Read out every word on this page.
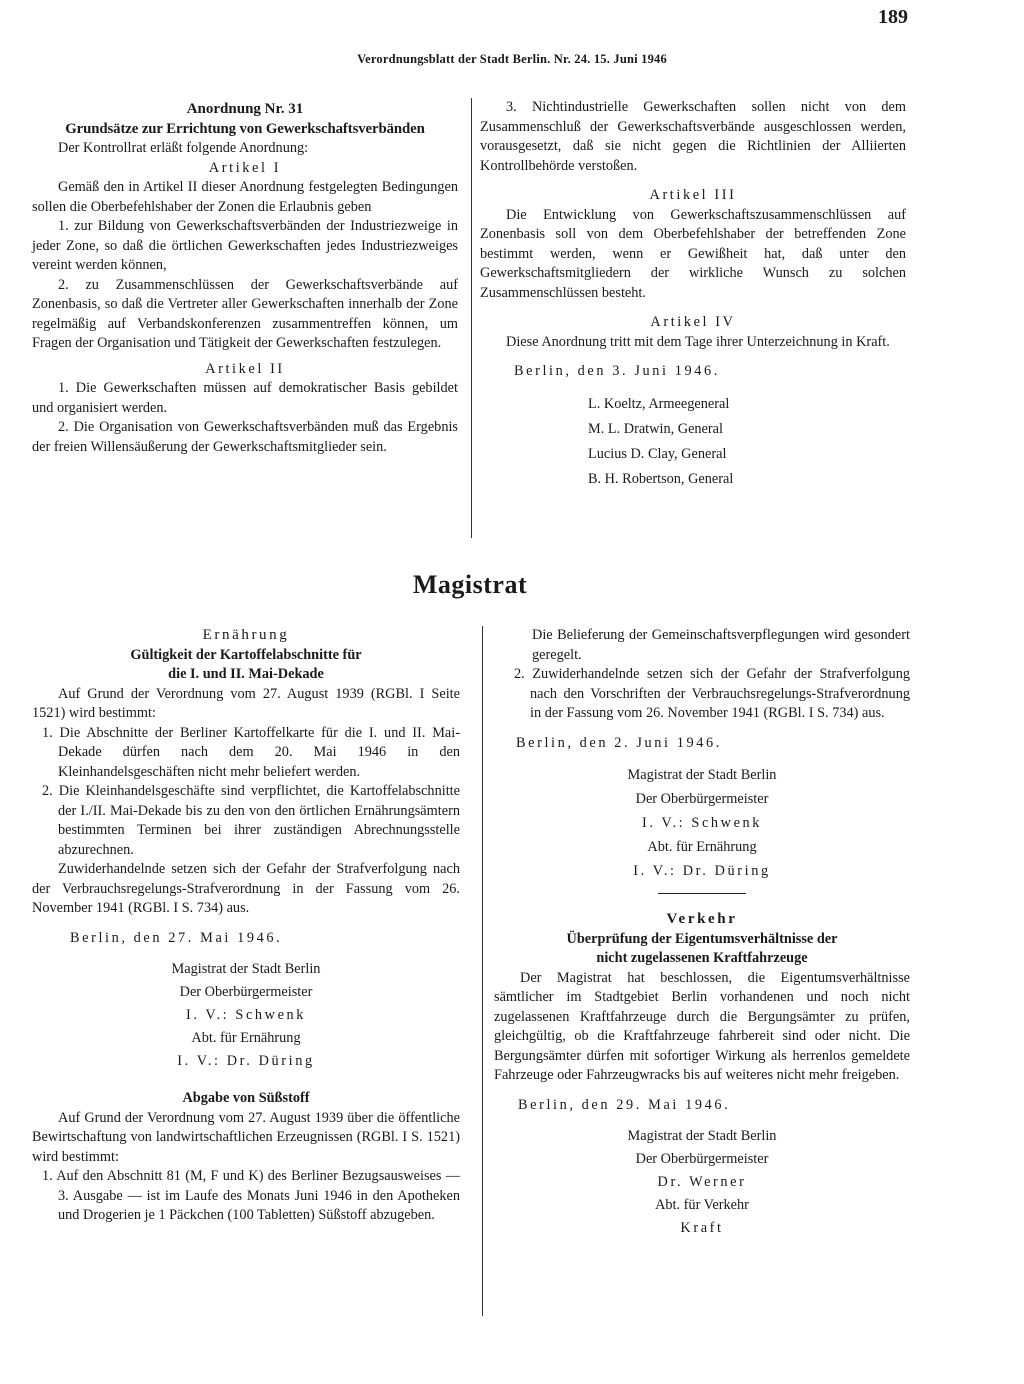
189
Verordnungsblatt der Stadt Berlin. Nr. 24. 15. Juni 1946

Anordnung Nr. 31

Grundsätze zur Errichtung von Gewerkschaftsverbänden

Der Kontrollrat erläßt folgende Anordnung:

Artikel I

Gemäß den in Artikel II dieser Anordnung festgelegten Bedingungen sollen die Oberbefehlshaber der Zonen die Erlaubnis geben

1. zur Bildung von Gewerkschaftsverbänden der Industriezweige in jeder Zone, so daß die örtlichen Gewerkschaften jedes Industriezweiges vereint werden können,

2. zu Zusammenschlüssen der Gewerkschaftsverbände auf Zonenbasis, so daß die Vertreter aller Gewerkschaften innerhalb der Zone regelmäßig auf Verbandskonferenzen zusammentreffen können, um Fragen der Organisation und Tätigkeit der Gewerkschaften festzulegen.

Artikel II

1. Die Gewerkschaften müssen auf demokratischer Basis gebildet und organisiert werden.

2. Die Organisation von Gewerkschaftsverbänden muß das Ergebnis der freien Willensäußerung der Gewerkschaftsmitglieder sein.

3. Nichtindustrielle Gewerkschaften sollen nicht von dem Zusammenschluß der Gewerkschaftsverbände ausgeschlossen werden, vorausgesetzt, daß sie nicht gegen die Richtlinien der Alliierten Kontrollbehörde verstoßen.

Artikel III

Die Entwicklung von Gewerkschaftszusammenschlüssen auf Zonenbasis soll von dem Oberbefehlshaber der betreffenden Zone bestimmt werden, wenn er Gewißheit hat, daß unter den Gewerkschaftsmitgliedern der wirkliche Wunsch zu solchen Zusammenschlüssen besteht.

Artikel IV

Diese Anordnung tritt mit dem Tage ihrer Unterzeichnung in Kraft.

Berlin, den 3. Juni 1946.

L. Koeltz, Armeegeneral

M. L. Dratwin, General

Lucius D. Clay, General

B. H. Robertson, General

Magistrat

Ernährung

Gültigkeit der Kartoffelabschnitte für die I. und II. Mai-Dekade

Auf Grund der Verordnung vom 27. August 1939 (RGBl. I Seite 1521) wird bestimmt:

1. Die Abschnitte der Berliner Kartoffelkarte für die I. und II. Mai-Dekade dürfen nach dem 20. Mai 1946 in den Kleinhandelsgeschäften nicht mehr beliefert werden.

2. Die Kleinhandelsgeschäfte sind verpflichtet, die Kartoffelabschnitte der I./II. Mai-Dekade bis zu den von den örtlichen Ernährungsämtern bestimmten Terminen bei ihrer zuständigen Abrechnungsstelle abzurechnen.

Zuwiderhandelnde setzen sich der Gefahr der Strafverfolgung nach der Verbrauchsregelungs-Strafverordnung in der Fassung vom 26. November 1941 (RGBl. I S. 734) aus.

Berlin, den 27. Mai 1946.

Magistrat der Stadt Berlin

Der Oberbürgermeister

I. V.: Schwenk

Abt. für Ernährung

I. V.: Dr. Düring

Abgabe von Süßstoff

Auf Grund der Verordnung vom 27. August 1939 über die öffentliche Bewirtschaftung von landwirtschaftlichen Erzeugnissen (RGBl. I S. 1521) wird bestimmt:

1. Auf den Abschnitt 81 (M, F und K) des Berliner Bezugsausweises — 3. Ausgabe — ist im Laufe des Monats Juni 1946 in den Apotheken und Drogerien je 1 Päckchen (100 Tabletten) Süßstoff abzugeben.

Die Belieferung der Gemeinschaftsverpflegungen wird gesondert geregelt.

2. Zuwiderhandelnde setzen sich der Gefahr der Strafverfolgung nach den Vorschriften der Verbrauchsregelungs-Strafverordnung in der Fassung vom 26. November 1941 (RGBl. I S. 734) aus.

Berlin, den 2. Juni 1946.

Magistrat der Stadt Berlin

Der Oberbürgermeister

I. V.: Schwenk

Abt. für Ernährung

I. V.: Dr. Düring

Verkehr

Überprüfung der Eigentumsverhältnisse der nicht zugelassenen Kraftfahrzeuge

Der Magistrat hat beschlossen, die Eigentumsverhältnisse sämtlicher im Stadtgebiet Berlin vorhandenen und noch nicht zugelassenen Kraftfahrzeuge durch die Bergungsämter zu prüfen, gleichgültig, ob die Kraftfahrzeuge fahrbereit sind oder nicht. Die Bergungsämter dürfen mit sofortiger Wirkung als herrenlos gemeldete Fahrzeuge oder Fahrzeugwracks bis auf weiteres nicht mehr freigeben.

Berlin, den 29. Mai 1946.

Magistrat der Stadt Berlin

Der Oberbürgermeister

Dr. Werner

Abt. für Verkehr

Kraft
